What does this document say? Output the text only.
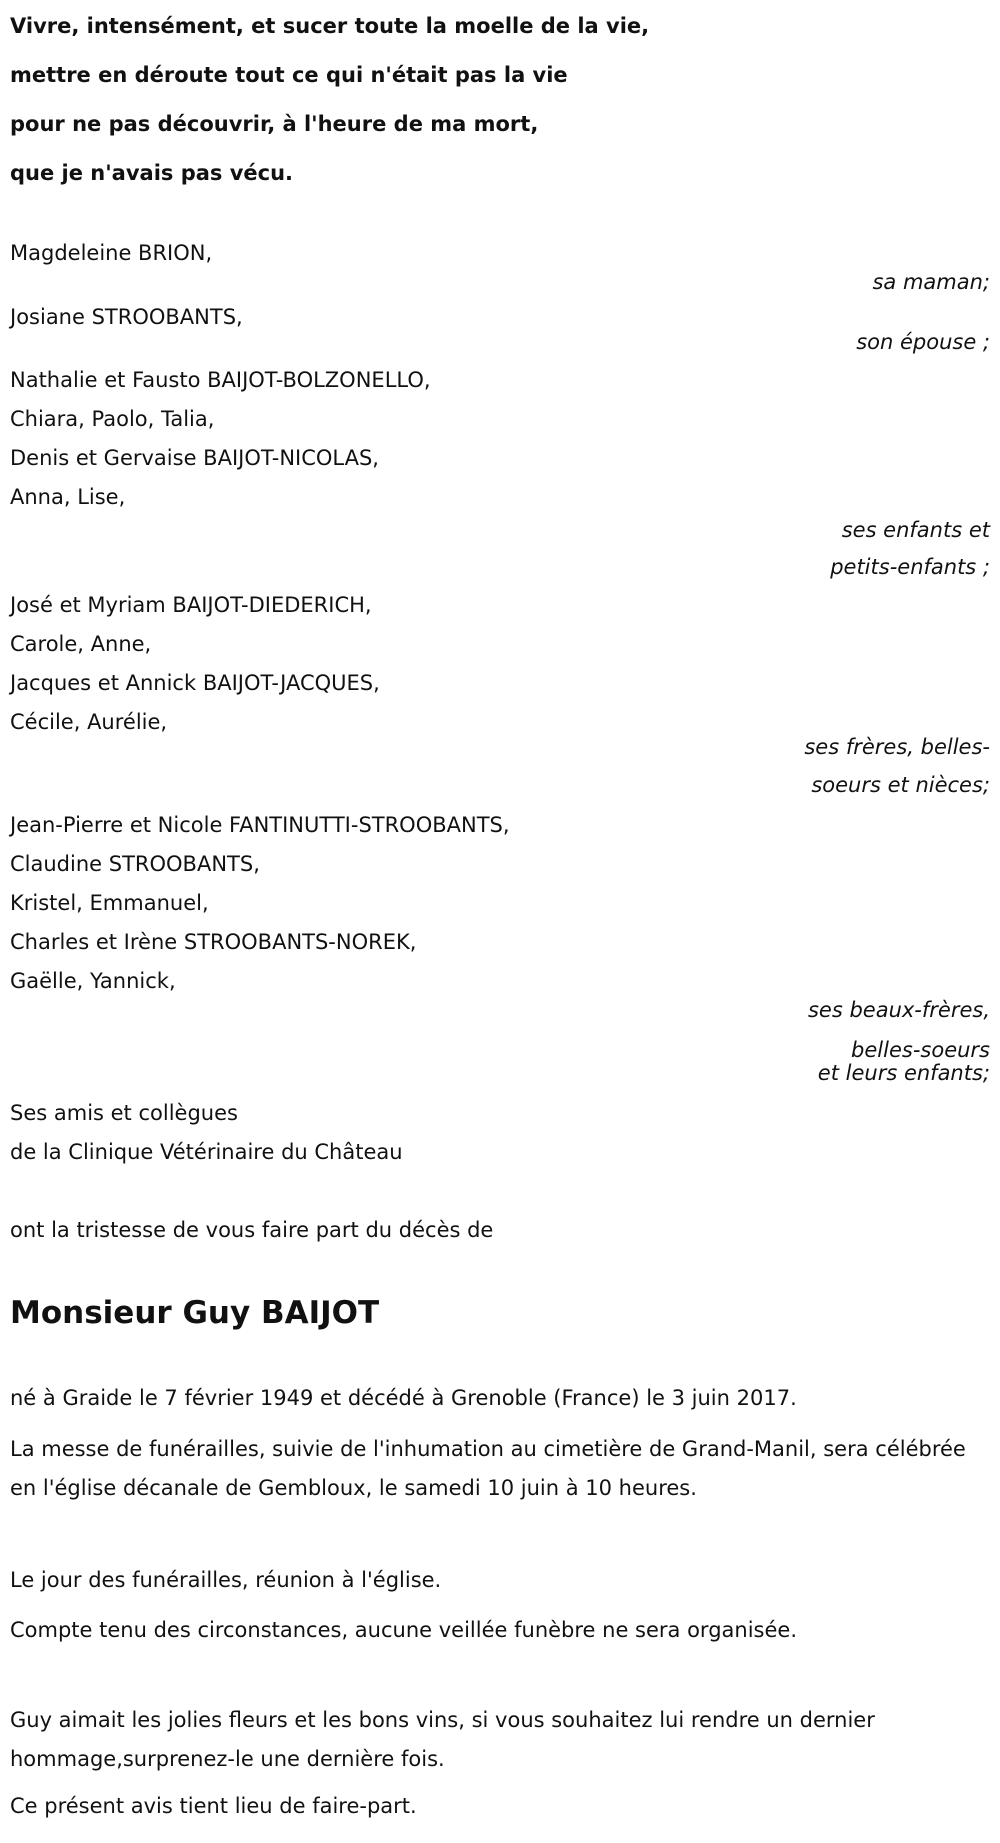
Vivre, intensément, et sucer toute la moelle de la vie,
mettre en déroute tout ce qui n'était pas la vie
pour ne pas découvrir, à l'heure de ma mort,
que je n'avais pas vécu.
Magdeleine BRION,
sa maman;
Josiane STROOBANTS,
son épouse ;
Nathalie et Fausto BAIJOT-BOLZONELLO,
Chiara, Paolo, Talia,
Denis et Gervaise BAIJOT-NICOLAS,
Anna, Lise,
ses enfants et
petits-enfants ;
José et Myriam BAIJOT-DIEDERICH,
Carole, Anne,
Jacques et Annick BAIJOT-JACQUES,
Cécile, Aurélie,
ses frères, belles-
soeurs et nièces;
Jean-Pierre et Nicole FANTINUTTI-STROOBANTS,
Claudine STROOBANTS,
Kristel, Emmanuel,
Charles et Irène STROOBANTS-NOREK,
Gaëlle, Yannick,
ses beaux-frères,
belles-soeurs
et leurs enfants;
Ses amis et collègues
de la Clinique Vétérinaire du Château
ont la tristesse de vous faire part du décès de
Monsieur Guy BAIJOT
né à Graide le 7 février 1949 et décédé à Grenoble (France) le 3 juin 2017.
La messe de funérailles, suivie de l'inhumation au cimetière de Grand-Manil, sera célébrée en l'église décanale de Gembloux, le samedi 10 juin à 10 heures.
Le jour des funérailles, réunion à l'église.
Compte tenu des circonstances, aucune veillée funèbre ne sera organisée.
Guy aimait les jolies fleurs et les bons vins, si vous souhaitez lui rendre un dernier hommage,surprenez-le une dernière fois.
Ce présent avis tient lieu de faire-part.
